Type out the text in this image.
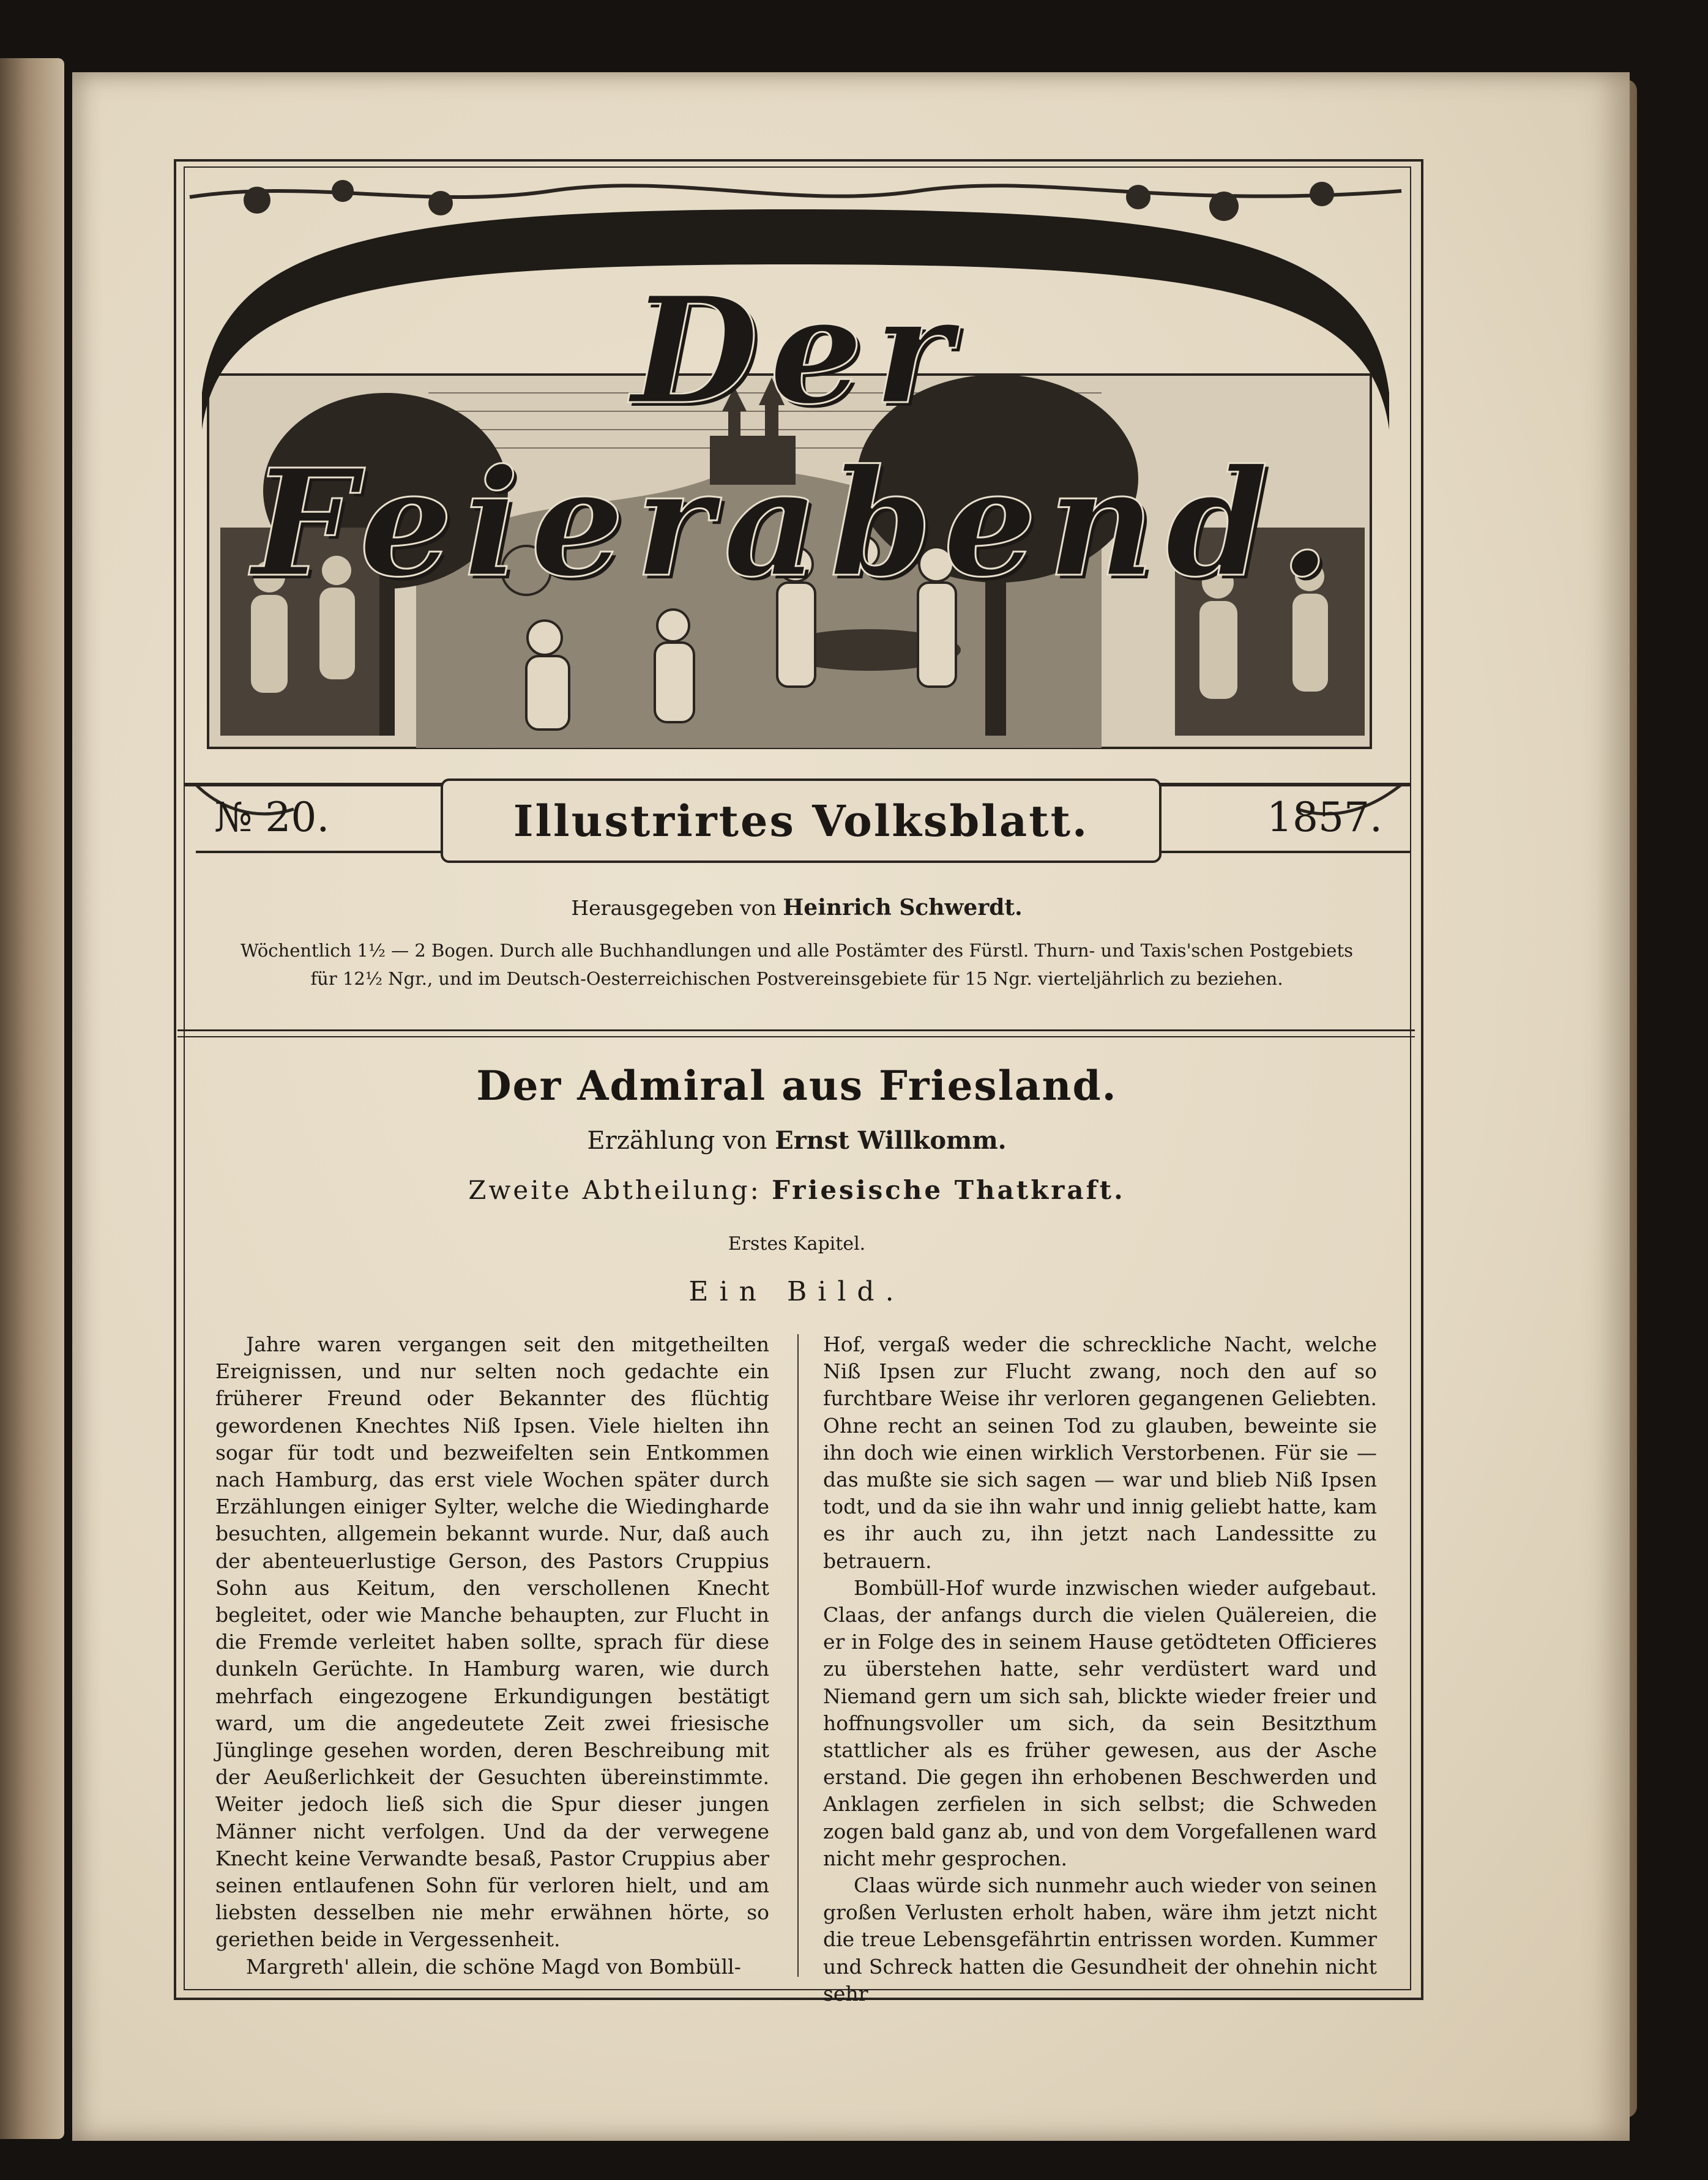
Der Feierabend.
№ 20.	Illustrirtes Volksblatt.	1857.
Herausgegeben von Heinrich Schwerdt.
Wöchentlich 1½ — 2 Bogen. Durch alle Buchhandlungen und alle Postämter des Fürstl. Thurn- und Taxis'schen Postgebiets
für 12½ Ngr., und im Deutsch-Oesterreichischen Postvereinsgebiete für 15 Ngr. vierteljährlich zu beziehen.
Der Admiral aus Friesland.
Erzählung von Ernst Willkomm.
Zweite Abtheilung: Friesische Thatkraft.
Erstes Kapitel.
Ein Bild.

Jahre waren vergangen seit den mitgetheilten Ereignissen, und nur selten noch gedachte ein früherer Freund oder Bekannter des flüchtig gewordenen Knechtes Niß Ipsen. Viele hielten ihn sogar für todt und bezweifelten sein Entkommen nach Hamburg, das erst viele Wochen später durch Erzählungen einiger Sylter, welche die Wiedingharde besuchten, allgemein bekannt wurde. Nur, daß auch der abenteuerlustige Gerson, des Pastors Cruppius Sohn aus Keitum, den verschollenen Knecht begleitet, oder wie Manche behaupten, zur Flucht in die Fremde verleitet haben sollte, sprach für diese dunkeln Gerüchte. In Hamburg waren, wie durch mehrfach eingezogene Erkundigungen bestätigt ward, um die angedeutete Zeit zwei friesische Jünglinge gesehen worden, deren Beschreibung mit der Aeußerlichkeit der Gesuchten übereinstimmte. Weiter jedoch ließ sich die Spur dieser jungen Männer nicht verfolgen. Und da der verwegene Knecht keine Verwandte besaß, Pastor Cruppius aber seinen entlaufenen Sohn für verloren hielt, und am liebsten desselben nie mehr erwähnen hörte, so geriethen beide in Vergessenheit.

Margreth' allein, die schöne Magd von Bombüll-

Hof, vergaß weder die schreckliche Nacht, welche Niß Ipsen zur Flucht zwang, noch den auf so furchtbare Weise ihr verloren gegangenen Geliebten. Ohne recht an seinen Tod zu glauben, beweinte sie ihn doch wie einen wirklich Verstorbenen. Für sie — das mußte sie sich sagen — war und blieb Niß Ipsen todt, und da sie ihn wahr und innig geliebt hatte, kam es ihr auch zu, ihn jetzt nach Landessitte zu betrauern.

Bombüll-Hof wurde inzwischen wieder aufgebaut. Claas, der anfangs durch die vielen Quälereien, die er in Folge des in seinem Hause getödteten Officieres zu überstehen hatte, sehr verdüstert ward und Niemand gern um sich sah, blickte wieder freier und hoffnungsvoller um sich, da sein Besitzthum stattlicher als es früher gewesen, aus der Asche erstand. Die gegen ihn erhobenen Beschwerden und Anklagen zerfielen in sich selbst; die Schweden zogen bald ganz ab, und von dem Vorgefallenen ward nicht mehr gesprochen.

Claas würde sich nunmehr auch wieder von seinen großen Verlusten erholt haben, wäre ihm jetzt nicht die treue Lebensgefährtin entrissen worden. Kummer und Schreck hatten die Gesundheit der ohnehin nicht sehr
